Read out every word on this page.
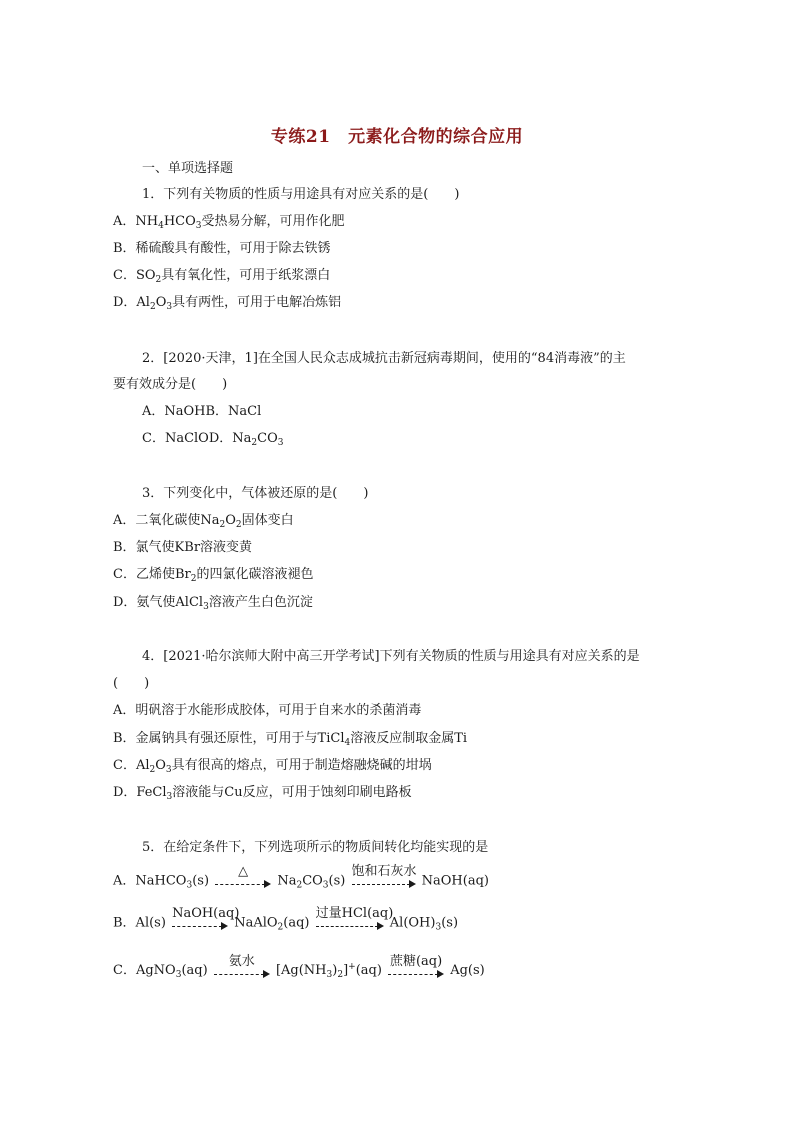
专练21　元素化合物的综合应用
一、单项选择题
1．下列有关物质的性质与用途具有对应关系的是(　　)
A．$NH_4HCO_3$受热易分解，可用作化肥
B．稀硫酸具有酸性，可用于除去铁锈
C．$SO_2$具有氧化性，可用于纸浆漂白
D．$Al_2O_3$具有两性，可用于电解冶炼铝
2．[2020·天津，1]在全国人民众志成城抗击新冠病毒期间，使用的“84消毒液”的主
要有效成分是(　　)
A．NaOHB．NaCl
C．NaClOD．$Na_2CO_3$
3．下列变化中，气体被还原的是(　　)
A．二氧化碳使$Na_2O_2$固体变白
B．氯气使KBr溶液变黄
C．乙烯使$Br_2$的四氯化碳溶液褪色
D．氨气使AlCl$_3$溶液产生白色沉淀
4．[2021·哈尔滨师大附中高三开学考试]下列有关物质的性质与用途具有对应关系的是
(　　)
A．明矾溶于水能形成胶体，可用于自来水的杀菌消毒
B．金属钠具有强还原性，可用于与TiCl$_4$溶液反应制取金属Ti
C．$Al_2O_3$具有很高的熔点，可用于制造熔融烧碱的坩埚
D．FeCl$_3$溶液能与Cu反应，可用于蚀刻印刷电路板
5．在给定条件下，下列选项所示的物质间转化均能实现的是
A．NaHCO$_3$(s)
△
$Na_2CO_3(s)$
饱和石灰水
NaOH(aq)
B．Al(s)
NaOH(aq)
NaAlO$_2$(aq)
过量HCl(aq)
$Al(OH)_3(s)$
C．AgNO$_3$(aq)
氨水
$[Ag(NH_3)_2]^+(aq)$
蔗糖(aq)
Ag(s)
